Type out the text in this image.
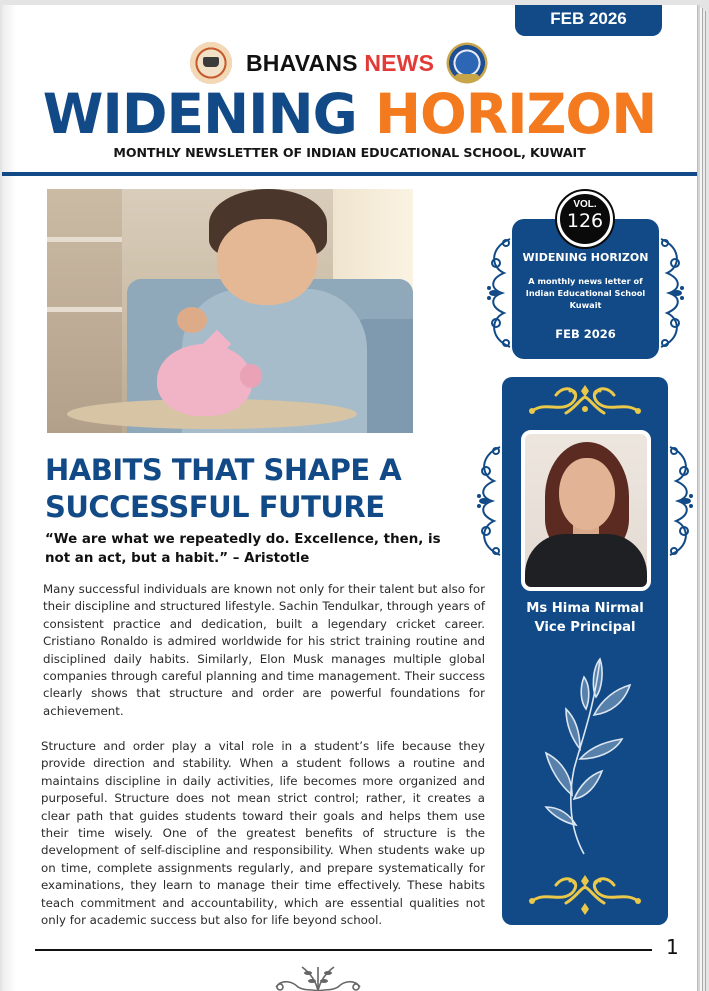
FEB 2026
BHAVANS NEWS
WIDENING HORIZON
MONTHLY NEWSLETTER OF INDIAN EDUCATIONAL SCHOOL, KUWAIT
HABITS THAT SHAPE A SUCCESSFUL FUTURE
“We are what we repeatedly do. Excellence, then, is not an act, but a habit.” – Aristotle

Many successful individuals are known not only for their talent but also for their discipline and structured lifestyle. Sachin Tendulkar, through years of consistent practice and dedication, built a legendary cricket career. Cristiano Ronaldo is admired worldwide for his strict training routine and disciplined daily habits. Similarly, Elon Musk manages multiple global companies through careful planning and time management. Their success clearly shows that structure and order are powerful foundations for achievement.

Structure and order play a vital role in a student’s life because they provide direction and stability. When a student follows a routine and maintains discipline in daily activities, life becomes more organized and purposeful. Structure does not mean strict control; rather, it creates a clear path that guides students toward their goals and helps them use their time wisely. One of the greatest benefits of structure is the development of self-discipline and responsibility. When students wake up on time, complete assignments regularly, and prepare systematically for examinations, they learn to manage their time effectively. These habits teach commitment and accountability, which are essential qualities not only for academic success but also for life beyond school.

VOL.
126
WIDENING HORIZON
A monthly news letter of Indian Educational School Kuwait
FEB 2026
Ms Hima Nirmal
Vice Principal
1
